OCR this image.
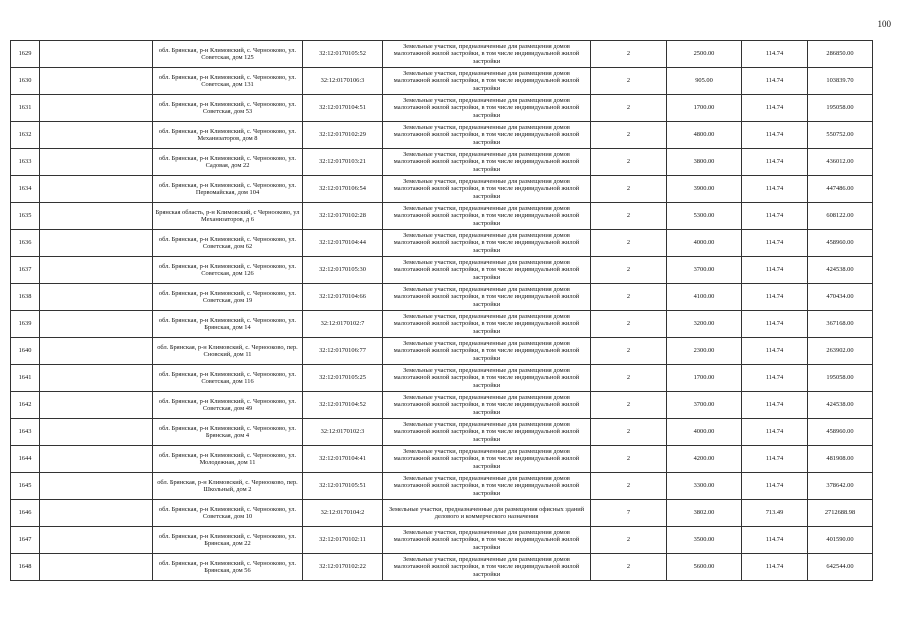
100
1629		обл. Брянская, р-н Климовский, с. Чернооково, ул. Советская, дом 125	32:12:0170105:52	Земельные участки, предназначенные для размещения домов малоэтажной жилой застройки, в том числе индивидуальной жилой застройки	2	2500.00	114.74	286850.00
1630		обл. Брянская, р-н Климовский, с. Чернооково, ул. Советская, дом 131	32:12:0170106:3	Земельные участки, предназначенные для размещения домов малоэтажной жилой застройки, в том числе индивидуальной жилой застройки	2	905.00	114.74	103839.70
1631		обл. Брянская, р-н Климовский, с. Чернооково, ул. Советская, дом 53	32:12:0170104:51	Земельные участки, предназначенные для размещения домов малоэтажной жилой застройки, в том числе индивидуальной жилой застройки	2	1700.00	114.74	195058.00
1632		обл. Брянская, р-н Климовский, с. Чернооково, ул. Механизаторов, дом 8	32:12:0170102:29	Земельные участки, предназначенные для размещения домов малоэтажной жилой застройки, в том числе индивидуальной жилой застройки	2	4800.00	114.74	550752.00
1633		обл. Брянская, р-н Климовский, с. Чернооково, ул. Садовая, дом 22	32:12:0170103:21	Земельные участки, предназначенные для размещения домов малоэтажной жилой застройки, в том числе индивидуальной жилой застройки	2	3800.00	114.74	436012.00
1634		обл. Брянская, р-н Климовский, с. Чернооково, ул. Первомайская, дом 104	32:12:0170106:54	Земельные участки, предназначенные для размещения домов малоэтажной жилой застройки, в том числе индивидуальной жилой застройки	2	3900.00	114.74	447486.00
1635		Брянская область, р-н Климовский, с Чернооково, ул Механизаторов, д 6	32:12:0170102:28	Земельные участки, предназначенные для размещения домов малоэтажной жилой застройки, в том числе индивидуальной жилой застройки	2	5300.00	114.74	608122.00
1636		обл. Брянская, р-н Климовский, с. Чернооково, ул. Советская, дом 62	32:12:0170104:44	Земельные участки, предназначенные для размещения домов малоэтажной жилой застройки, в том числе индивидуальной жилой застройки	2	4000.00	114.74	458960.00
1637		обл. Брянская, р-н Климовский, с. Чернооково, ул. Советская, дом 126	32:12:0170105:30	Земельные участки, предназначенные для размещения домов малоэтажной жилой застройки, в том числе индивидуальной жилой застройки	2	3700.00	114.74	424538.00
1638		обл. Брянская, р-н Климовский, с. Чернооково, ул. Советская, дом 19	32:12:0170104:66	Земельные участки, предназначенные для размещения домов малоэтажной жилой застройки, в том числе индивидуальной жилой застройки	2	4100.00	114.74	470434.00
1639		обл. Брянская, р-н Климовский, с. Чернооково, ул. Брянская, дом 14	32:12:0170102:7	Земельные участки, предназначенные для размещения домов малоэтажной жилой застройки, в том числе индивидуальной жилой застройки	2	3200.00	114.74	367168.00
1640		обл. Брянская, р-н Климовский, с. Чернооково, пер. Сновский, дом 11	32:12:0170106:77	Земельные участки, предназначенные для размещения домов малоэтажной жилой застройки, в том числе индивидуальной жилой застройки	2	2300.00	114.74	263902.00
1641		обл. Брянская, р-н Климовский, с. Чернооково, ул. Советская, дом 116	32:12:0170105:25	Земельные участки, предназначенные для размещения домов малоэтажной жилой застройки, в том числе индивидуальной жилой застройки	2	1700.00	114.74	195058.00
1642		обл. Брянская, р-н Климовский, с. Чернооково, ул. Советская, дом 49	32:12:0170104:52	Земельные участки, предназначенные для размещения домов малоэтажной жилой застройки, в том числе индивидуальной жилой застройки	2	3700.00	114.74	424538.00
1643		обл. Брянская, р-н Климовский, с. Чернооково, ул. Брянская, дом 4	32:12:0170102:3	Земельные участки, предназначенные для размещения домов малоэтажной жилой застройки, в том числе индивидуальной жилой застройки	2	4000.00	114.74	458960.00
1644		обл. Брянская, р-н Климовский, с. Чернооково, ул. Молодежная, дом 11	32:12:0170104:41	Земельные участки, предназначенные для размещения домов малоэтажной жилой застройки, в том числе индивидуальной жилой застройки	2	4200.00	114.74	481908.00
1645		обл. Брянская, р-н Климовский, с. Чернооково, пер. Школьный, дом 2	32:12:0170105:51	Земельные участки, предназначенные для размещения домов малоэтажной жилой застройки, в том числе индивидуальной жилой застройки	2	3300.00	114.74	378642.00
1646		обл. Брянская, р-н Климовский, с. Чернооково, ул. Советская, дом 10	32:12:0170104:2	Земельные участки, предназначенные для размещения офисных зданий делового и коммерческого назначения	7	3802.00	713.49	2712688.98
1647		обл. Брянская, р-н Климовский, с. Чернооково, ул. Брянская, дом 22	32:12:0170102:11	Земельные участки, предназначенные для размещения домов малоэтажной жилой застройки, в том числе индивидуальной жилой застройки	2	3500.00	114.74	401590.00
1648		обл. Брянская, р-н Климовский, с. Чернооково, ул. Брянская, дом 56	32:12:0170102:22	Земельные участки, предназначенные для размещения домов малоэтажной жилой застройки, в том числе индивидуальной жилой застройки	2	5600.00	114.74	642544.00
